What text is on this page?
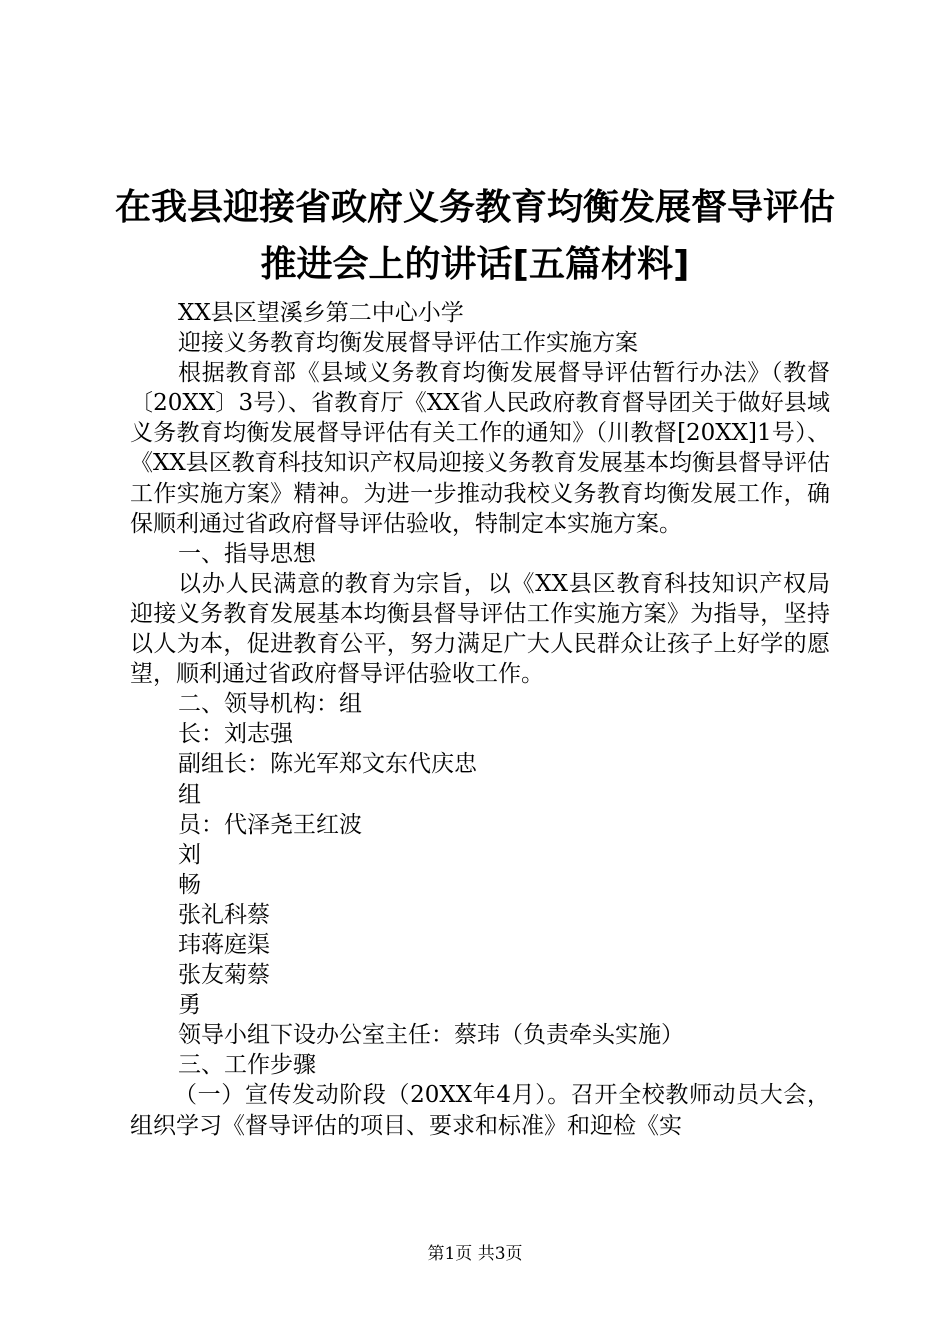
在我县迎接省政府义务教育均衡发展督导评估
推进会上的讲话[五篇材料]

XX县区望溪乡第二中心小学

迎接义务教育均衡发展督导评估工作实施方案

根据教育部《县域义务教育均衡发展督导评估暂行办法》（教督〔20XX〕3号）、省教育厅《XX省人民政府教育督导团关于做好县域义务教育均衡发展督导评估有关工作的通知》（川教督[20XX]1号）、《XX县区教育科技知识产权局迎接义务教育发展基本均衡县督导评估工作实施方案》精神。为进一步推动我校义务教育均衡发展工作，确保顺利通过省政府督导评估验收，特制定本实施方案。

一、指导思想

以办人民满意的教育为宗旨，以《XX县区教育科技知识产权局迎接义务教育发展基本均衡县督导评估工作实施方案》为指导，坚持以人为本，促进教育公平，努力满足广大人民群众让孩子上好学的愿望，顺利通过省政府督导评估验收工作。

二、领导机构：组

长：刘志强

副组长：陈光军郑文东代庆忠

组

员：代泽尧王红波

刘

畅

张礼科蔡

玮蒋庭渠

张友菊蔡

勇

领导小组下设办公室主任：蔡玮（负责牵头实施）

三、工作步骤

（一）宣传发动阶段（20XX年4月）。召开全校教师动员大会，组织学习《督导评估的项目、要求和标准》和迎检《实

第1页 共3页
